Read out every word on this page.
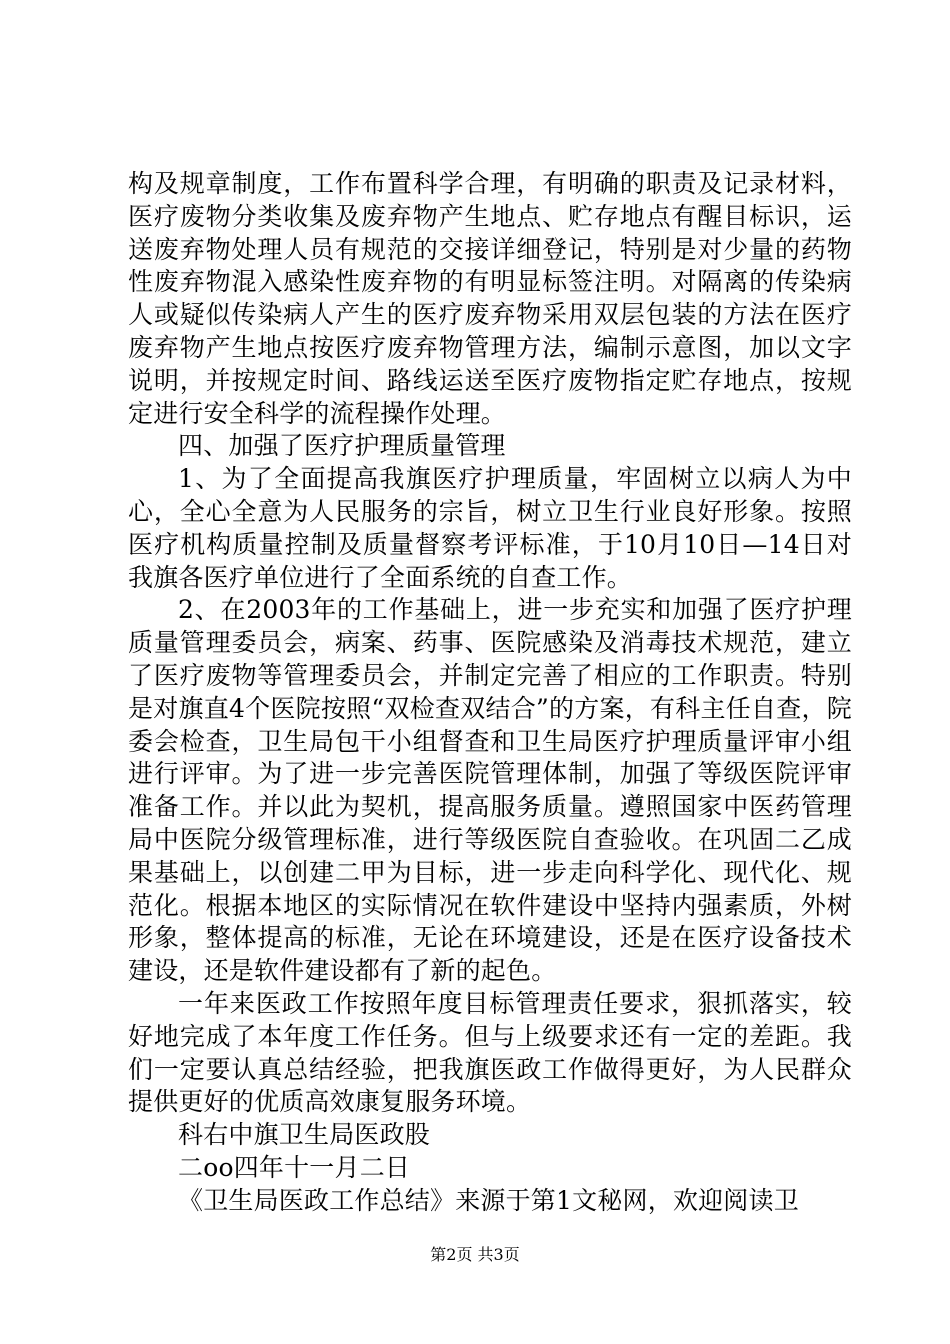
构及规章制度，工作布置科学合理，有明确的职责及记录材料，医疗废物分类收集及废弃物产生地点、贮存地点有醒目标识，运送废弃物处理人员有规范的交接详细登记，特别是对少量的药物性废弃物混入感染性废弃物的有明显标签注明。对隔离的传染病人或疑似传染病人产生的医疗废弃物采用双层包装的方法在医疗废弃物产生地点按医疗废弃物管理方法，编制示意图，加以文字说明，并按规定时间、路线运送至医疗废物指定贮存地点，按规定进行安全科学的流程操作处理。

四、加强了医疗护理质量管理

1、为了全面提高我旗医疗护理质量，牢固树立以病人为中心，全心全意为人民服务的宗旨，树立卫生行业良好形象。按照医疗机构质量控制及质量督察考评标准，于10月10日—14日对我旗各医疗单位进行了全面系统的自查工作。

2、在2003年的工作基础上，进一步充实和加强了医疗护理质量管理委员会，病案、药事、医院感染及消毒技术规范，建立了医疗废物等管理委员会，并制定完善了相应的工作职责。特别是对旗直4个医院按照“双检查双结合”的方案，有科主任自查，院委会检查，卫生局包干小组督查和卫生局医疗护理质量评审小组进行评审。为了进一步完善医院管理体制，加强了等级医院评审准备工作。并以此为契机，提高服务质量。遵照国家中医药管理局中医院分级管理标准，进行等级医院自查验收。在巩固二乙成果基础上，以创建二甲为目标，进一步走向科学化、现代化、规范化。根据本地区的实际情况在软件建设中坚持内强素质，外树形象，整体提高的标准，无论在环境建设，还是在医疗设备技术建设，还是软件建设都有了新的起色。

一年来医政工作按照年度目标管理责任要求，狠抓落实，较好地完成了本年度工作任务。但与上级要求还有一定的差距。我们一定要认真总结经验，把我旗医政工作做得更好，为人民群众提供更好的优质高效康复服务环境。

科右中旗卫生局医政股

二oo四年十一月二日

《卫生局医政工作总结》来源于第1文秘网，欢迎阅读卫

第2页 共3页
